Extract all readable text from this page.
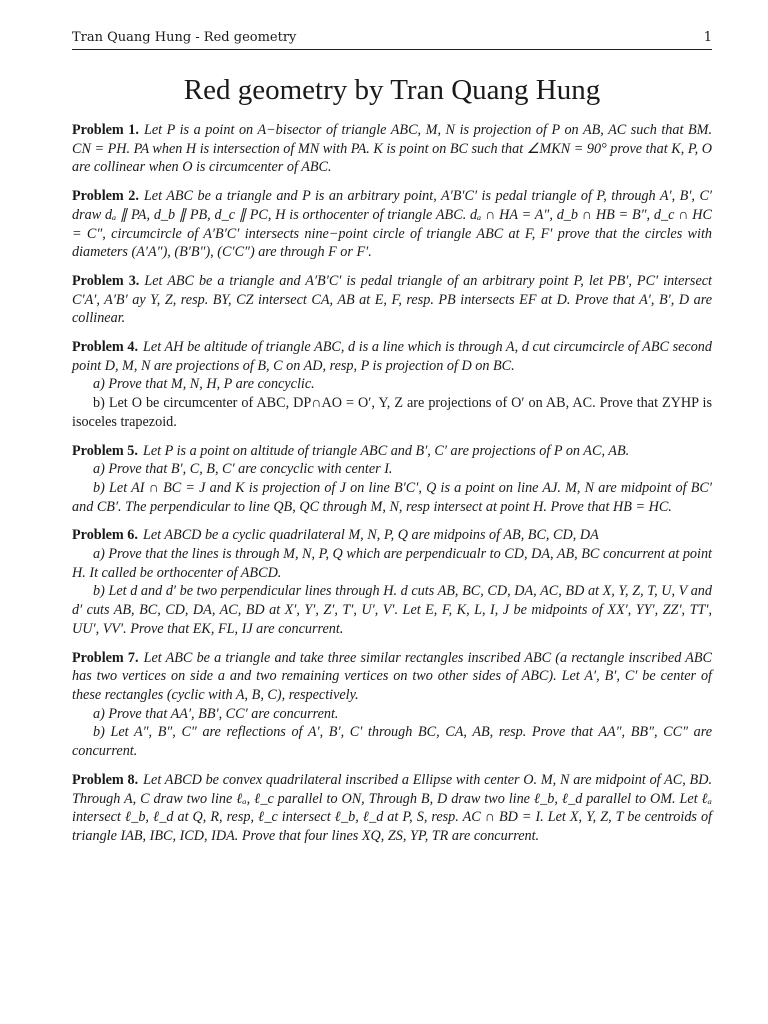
Tran Quang Hung - Red geometry	1
Red geometry by Tran Quang Hung
Problem 1. Let P is a point on A−bisector of triangle ABC, M, N is projection of P on AB, AC such that BM. CN = PH. PA when H is intersection of MN with PA. K is point on BC such that ∠MKN = 90° prove that K, P, O are collinear when O is circumcenter of ABC.
Problem 2. Let ABC be a triangle and P is an arbitrary point, A′B′C′ is pedal triangle of P, through A′, B′, C′ draw dₐ ∥ PA, d_b ∥ PB, d_c ∥ PC, H is orthocenter of triangle ABC. dₐ ∩ HA = A″, d_b ∩ HB = B″, d_c ∩ HC = C″, circumcircle of A′B′C′ intersects nine−point circle of triangle ABC at F, F′ prove that the circles with diameters (A′A″), (B′B″), (C′C″) are through F or F′.
Problem 3. Let ABC be a triangle and A′B′C′ is pedal triangle of an arbitrary point P, let PB′, PC′ intersect C′A′, A′B′ ay Y, Z, resp. BY, CZ intersect CA, AB at E, F, resp. PB intersects EF at D. Prove that A′, B′, D are collinear.
Problem 4. Let AH be altitude of triangle ABC, d is a line which is through A, d cut circumcircle of ABC second point D, M, N are projections of B, C on AD, resp, P is projection of D on BC.
a) Prove that M, N, H, P are concyclic.
b) Let O be circumcenter of ABC, DP∩AO = O′, Y, Z are projections of O′ on AB, AC. Prove that ZYHP is isoceles trapezoid.
Problem 5. Let P is a point on altitude of triangle ABC and B′, C′ are projections of P on AC, AB.
a) Prove that B′, C, B, C′ are concyclic with center I.
b) Let AI ∩ BC = J and K is projection of J on line B′C′, Q is a point on line AJ. M, N are midpoint of BC′ and CB′. The perpendicular to line QB, QC through M, N, resp intersect at point H. Prove that HB = HC.
Problem 6. Let ABCD be a cyclic quadrilateral M, N, P, Q are midpoins of AB, BC, CD, DA
a) Prove that the lines is through M, N, P, Q which are perpendicualr to CD, DA, AB, BC concurrent at point H. It called be orthocenter of ABCD.
b) Let d and d′ be two perpendicular lines through H. d cuts AB, BC, CD, DA, AC, BD at X, Y, Z, T, U, V and d′ cuts AB, BC, CD, DA, AC, BD at X′, Y′, Z′, T′, U′, V′. Let E, F, K, L, I, J be midpoints of XX′, YY′, ZZ′, TT′, UU′, VV′. Prove that EK, FL, IJ are concurrent.
Problem 7. Let ABC be a triangle and take three similar rectangles inscribed ABC (a rectangle inscribed ABC has two vertices on side a and two remaining vertices on two other sides of ABC). Let A′, B′, C′ be center of these rectangles (cyclic with A, B, C), respectively.
a) Prove that AA′, BB′, CC′ are concurrent.
b) Let A″, B″, C″ are reflections of A′, B′, C′ through BC, CA, AB, resp. Prove that AA″, BB″, CC″ are concurrent.
Problem 8. Let ABCD be convex quadrilateral inscribed a Ellipse with center O. M, N are midpoint of AC, BD. Through A, C draw two line ℓₐ, ℓ_c parallel to ON, Through B, D draw two line ℓ_b, ℓ_d parallel to OM. Let ℓₐ intersect ℓ_b, ℓ_d at Q, R, resp, ℓ_c intersect ℓ_b, ℓ_d at P, S, resp. AC ∩ BD = I. Let X, Y, Z, T be centroids of triangle IAB, IBC, ICD, IDA. Prove that four lines XQ, ZS, YP, TR are concurrent.
